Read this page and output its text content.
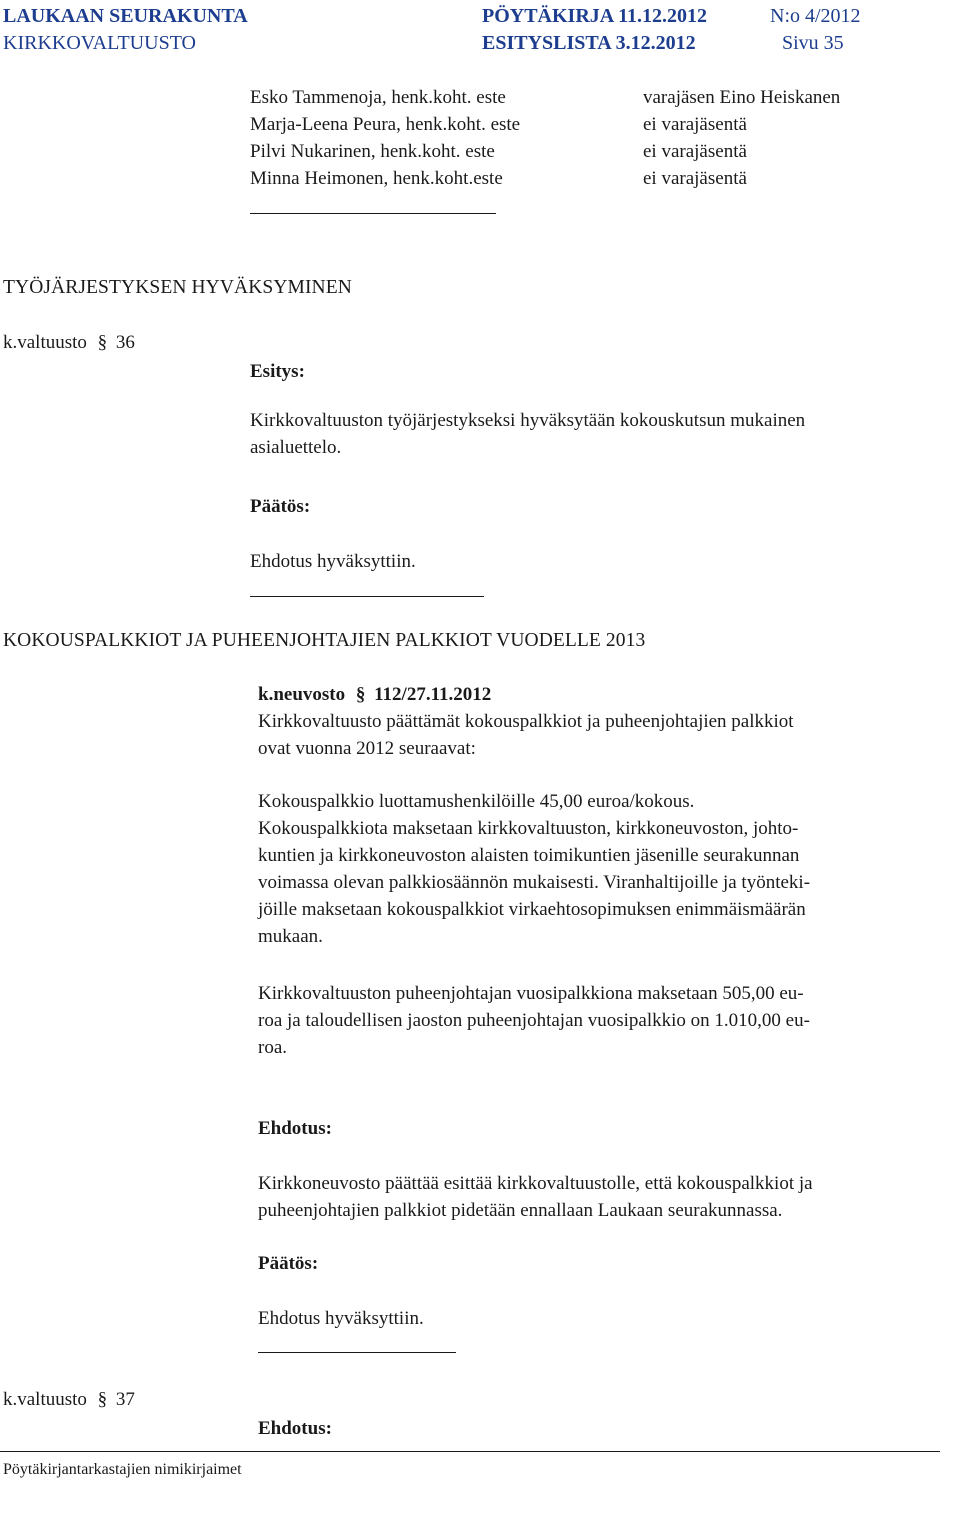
LAUKAAN SEURAKUNTA
KIRKKOVALTUUSTO
PÖYTÄKIRJA 11.12.2012	N:o 4/2012
ESITYSLISTA 3.12.2012	Sivu 35
Esko Tammenoja, henk.koht. este	varajäsen Eino Heiskanen
Marja-Leena Peura, henk.koht. este	ei varajäsentä
Pilvi Nukarinen, henk.koht. este	ei varajäsentä
Minna Heimonen, henk.koht.este	ei varajäsentä
TYÖJÄRJESTYKSEN HYVÄKSYMINEN
k.valtuusto § 36
Esitys:
Kirkkovaltuuston työjärjestykseksi hyväksytään kokouskutsun mukainen
asialuettelo.
Päätös:
Ehdotus hyväksyttiin.
KOKOUSPALKKIOT JA PUHEENJOHTAJIEN PALKKIOT VUODELLE 2013
k.neuvosto § 112/27.11.2012
Kirkkovaltuusto päättämät kokouspalkkiot ja puheenjohtajien palkkiot
ovat vuonna 2012 seuraavat:
Kokouspalkkio luottamushenkilöille 45,00 euroa/kokous.
Kokouspalkkiota maksetaan kirkkovaltuuston, kirkkoneuvoston, johto-
kuntien ja kirkkoneuvoston alaisten toimikuntien jäsenille seurakunnan
voimassa olevan palkkiosäännön mukaisesti. Viranhaltijoille ja työnteki-
jöille maksetaan kokouspalkkiot virkaehtosopimuksen enimmäismäärän
mukaan.
Kirkkovaltuuston puheenjohtajan vuosipalkkiona maksetaan 505,00 eu-
roa ja taloudellisen jaoston puheenjohtajan vuosipalkkio on 1.010,00 eu-
roa.
Ehdotus:
Kirkkoneuvosto päättää esittää kirkkovaltuustolle, että kokouspalkkiot ja
puheenjohtajien palkkiot pidetään ennallaan Laukaan seurakunnassa.
Päätös:
Ehdotus hyväksyttiin.
k.valtuusto § 37
Ehdotus:
Pöytäkirjantarkastajien nimikirjaimet
